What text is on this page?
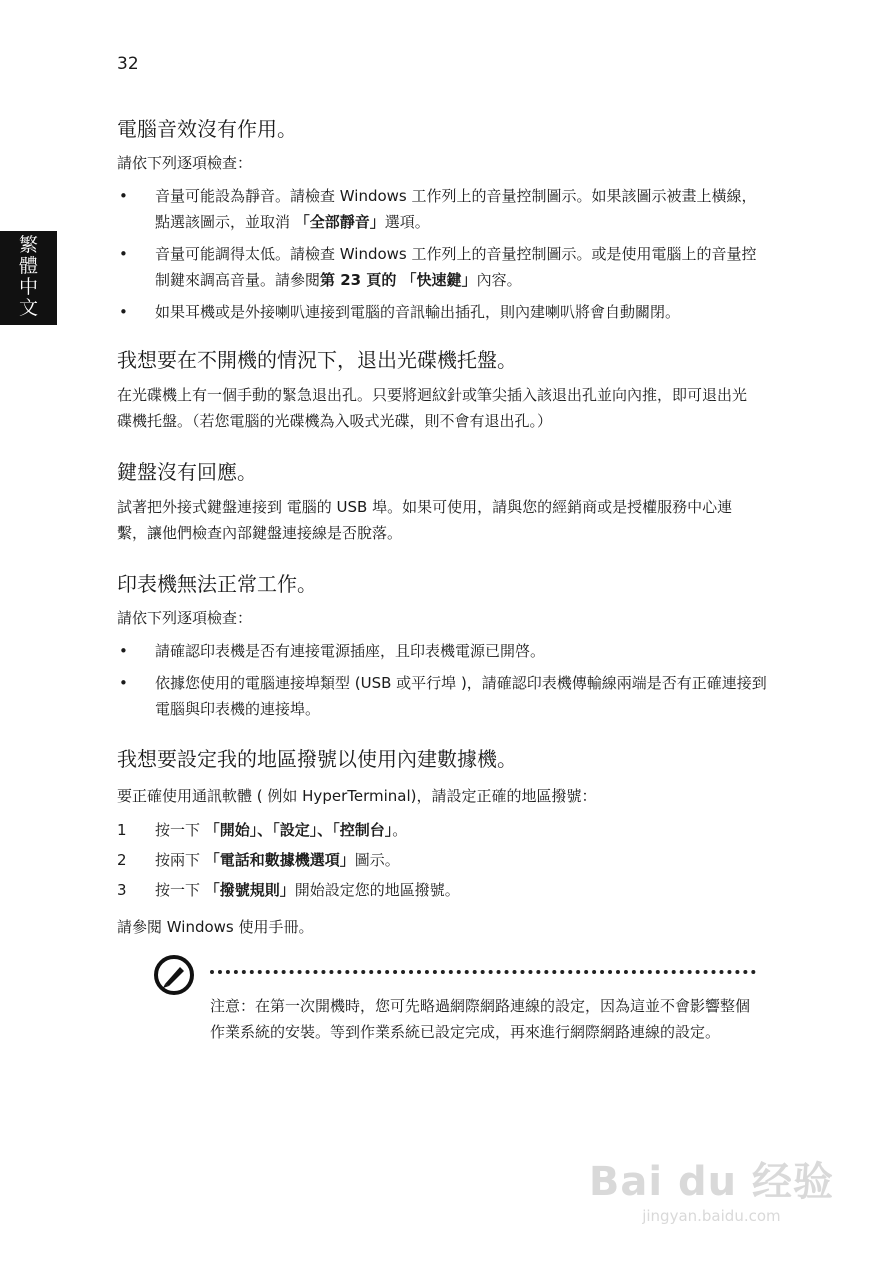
32
繁
體
中
文
電腦音效沒有作用。

請依下列逐項檢查：

• 音量可能設為靜音。請檢查 Windows 工作列上的音量控制圖示。如果該圖示被畫上橫線，點選該圖示，並取消 「全部靜音」選項。
• 音量可能調得太低。請檢查 Windows 工作列上的音量控制圖示。或是使用電腦上的音量控制鍵來調高音量。請參閱第 23 頁的 「快速鍵」內容。
• 如果耳機或是外接喇叭連接到電腦的音訊輸出插孔，則內建喇叭將會自動關閉。
我想要在不開機的情況下，退出光碟機托盤。

在光碟機上有一個手動的緊急退出孔。只要將迴紋針或筆尖插入該退出孔並向內推，即可退出光碟機托盤。（若您電腦的光碟機為入吸式光碟，則不會有退出孔。）

鍵盤沒有回應。

試著把外接式鍵盤連接到 電腦的 USB 埠。如果可使用，請與您的經銷商或是授權服務中心連繫，讓他們檢查內部鍵盤連接線是否脫落。

印表機無法正常工作。

請依下列逐項檢查：

• 請確認印表機是否有連接電源插座，且印表機電源已開啓。
• 依據您使用的電腦連接埠類型 (USB 或平行埠 )，請確認印表機傳輸線兩端是否有正確連接到電腦與印表機的連接埠。
我想要設定我的地區撥號以使用內建數據機。

要正確使用通訊軟體 ( 例如 HyperTerminal)，請設定正確的地區撥號：

1 按一下 「開始」、「設定」、「控制台」。
2 按兩下 「電話和數據機選項」圖示。
3 按一下 「撥號規則」開始設定您的地區撥號。

請參閱 Windows 使用手冊。

注意：在第一次開機時，您可先略過網際網路連線的設定，因為這並不會影響整個作業系統的安裝。等到作業系統已設定完成，再來進行網際網路連線的設定。

Bai du 经验
jingyan.baidu.com
